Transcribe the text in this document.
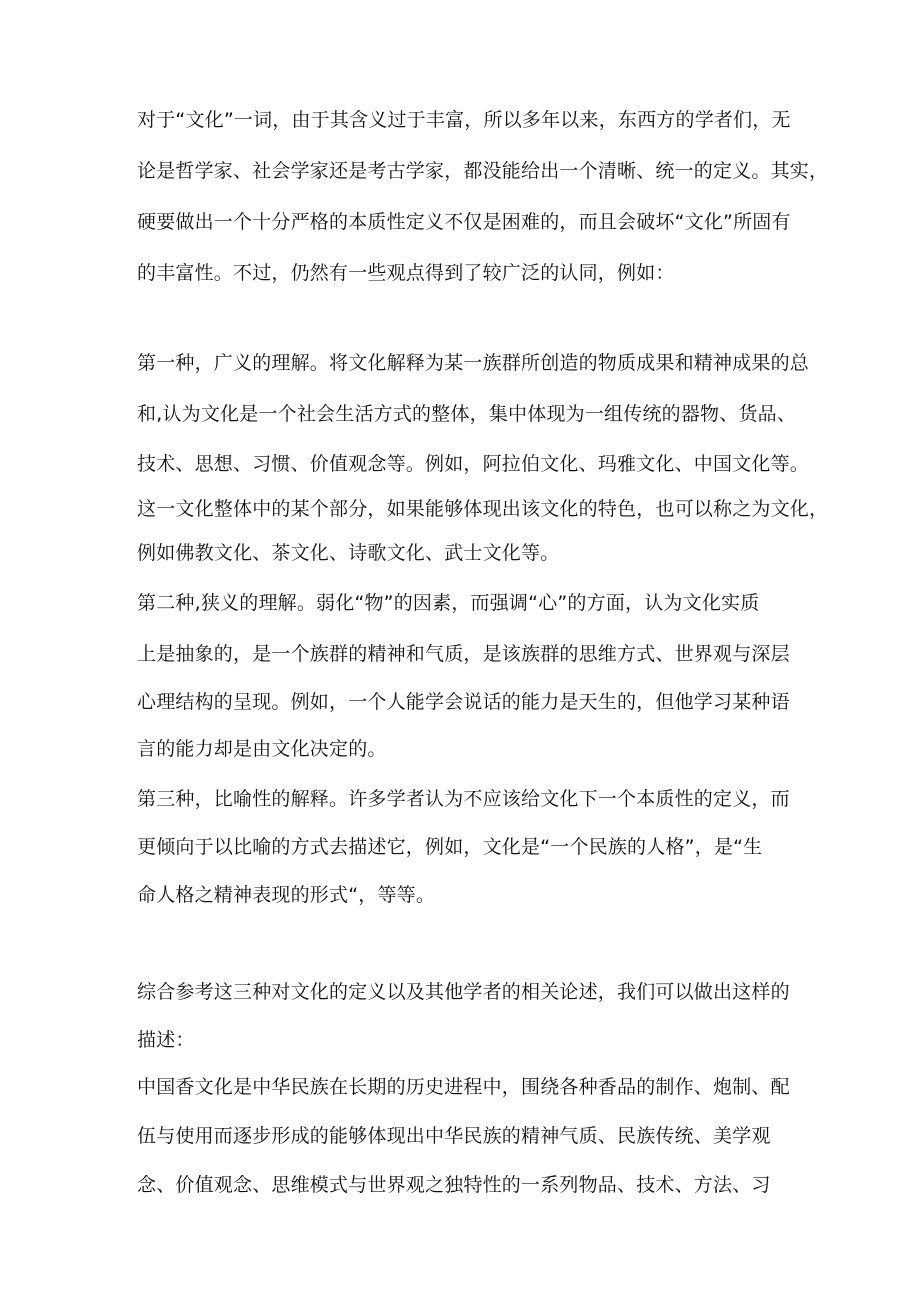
对于“文化”一词，由于其含义过于丰富，所以多年以来，东西方的学者们，无
论是哲学家、社会学家还是考古学家，都没能给出一个清晰、统一的定义。其实，
硬要做出一个十分严格的本质性定义不仅是困难的，而且会破坏“文化”所固有
的丰富性。不过，仍然有一些观点得到了较广泛的认同，例如：
第一种，广义的理解。将文化解释为某一族群所创造的物质成果和精神成果的总
和,认为文化是一个社会生活方式的整体，集中体现为一组传统的器物、货品、
技术、思想、习惯、价值观念等。例如，阿拉伯文化、玛雅文化、中国文化等。
这一文化整体中的某个部分，如果能够体现出该文化的特色，也可以称之为文化，
例如佛教文化、茶文化、诗歌文化、武士文化等。
第二种,狭义的理解。弱化“物”的因素，而强调“心”的方面，认为文化实质
上是抽象的，是一个族群的精神和气质，是该族群的思维方式、世界观与深层
心理结构的呈现。例如，一个人能学会说话的能力是天生的，但他学习某种语
言的能力却是由文化决定的。
第三种，比喻性的解释。许多学者认为不应该给文化下一个本质性的定义，而
更倾向于以比喻的方式去描述它，例如，文化是“一个民族的人格”，是“生
命人格之精神表现的形式“，等等。
综合参考这三种对文化的定义以及其他学者的相关论述，我们可以做出这样的
描述：
中国香文化是中华民族在长期的历史进程中，围绕各种香品的制作、炮制、配
伍与使用而逐步形成的能够体现出中华民族的精神气质、民族传统、美学观
念、价值观念、思维模式与世界观之独特性的一系列物品、技术、方法、习
